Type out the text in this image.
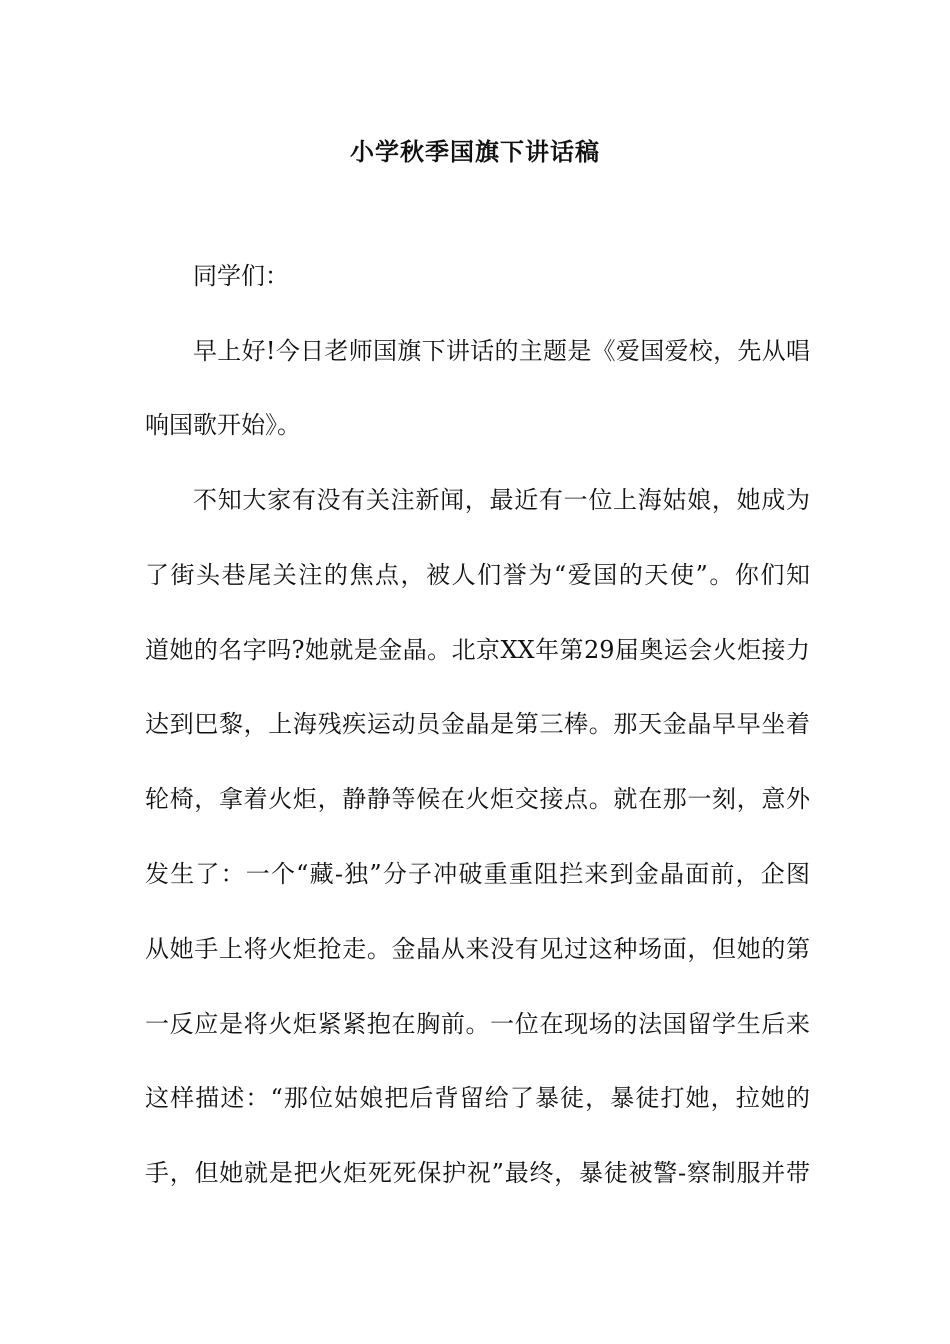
小学秋季国旗下讲话稿
同学们：
早上好!今日老师国旗下讲话的主题是《爱国爱校，先从唱
响国歌开始》。
不知大家有没有关注新闻，最近有一位上海姑娘，她成为
了街头巷尾关注的焦点，被人们誉为“爱国的天使”。你们知
道她的名字吗?她就是金晶。北京XX年第29届奥运会火炬接力
达到巴黎，上海残疾运动员金晶是第三棒。那天金晶早早坐着
轮椅，拿着火炬，静静等候在火炬交接点。就在那一刻，意外
发生了：一个“藏-独”分子冲破重重阻拦来到金晶面前，企图
从她手上将火炬抢走。金晶从来没有见过这种场面，但她的第
一反应是将火炬紧紧抱在胸前。一位在现场的法国留学生后来
这样描述：“那位姑娘把后背留给了暴徒，暴徒打她，拉她的
手，但她就是把火炬死死保护祝”最终，暴徒被警-察制服并带
